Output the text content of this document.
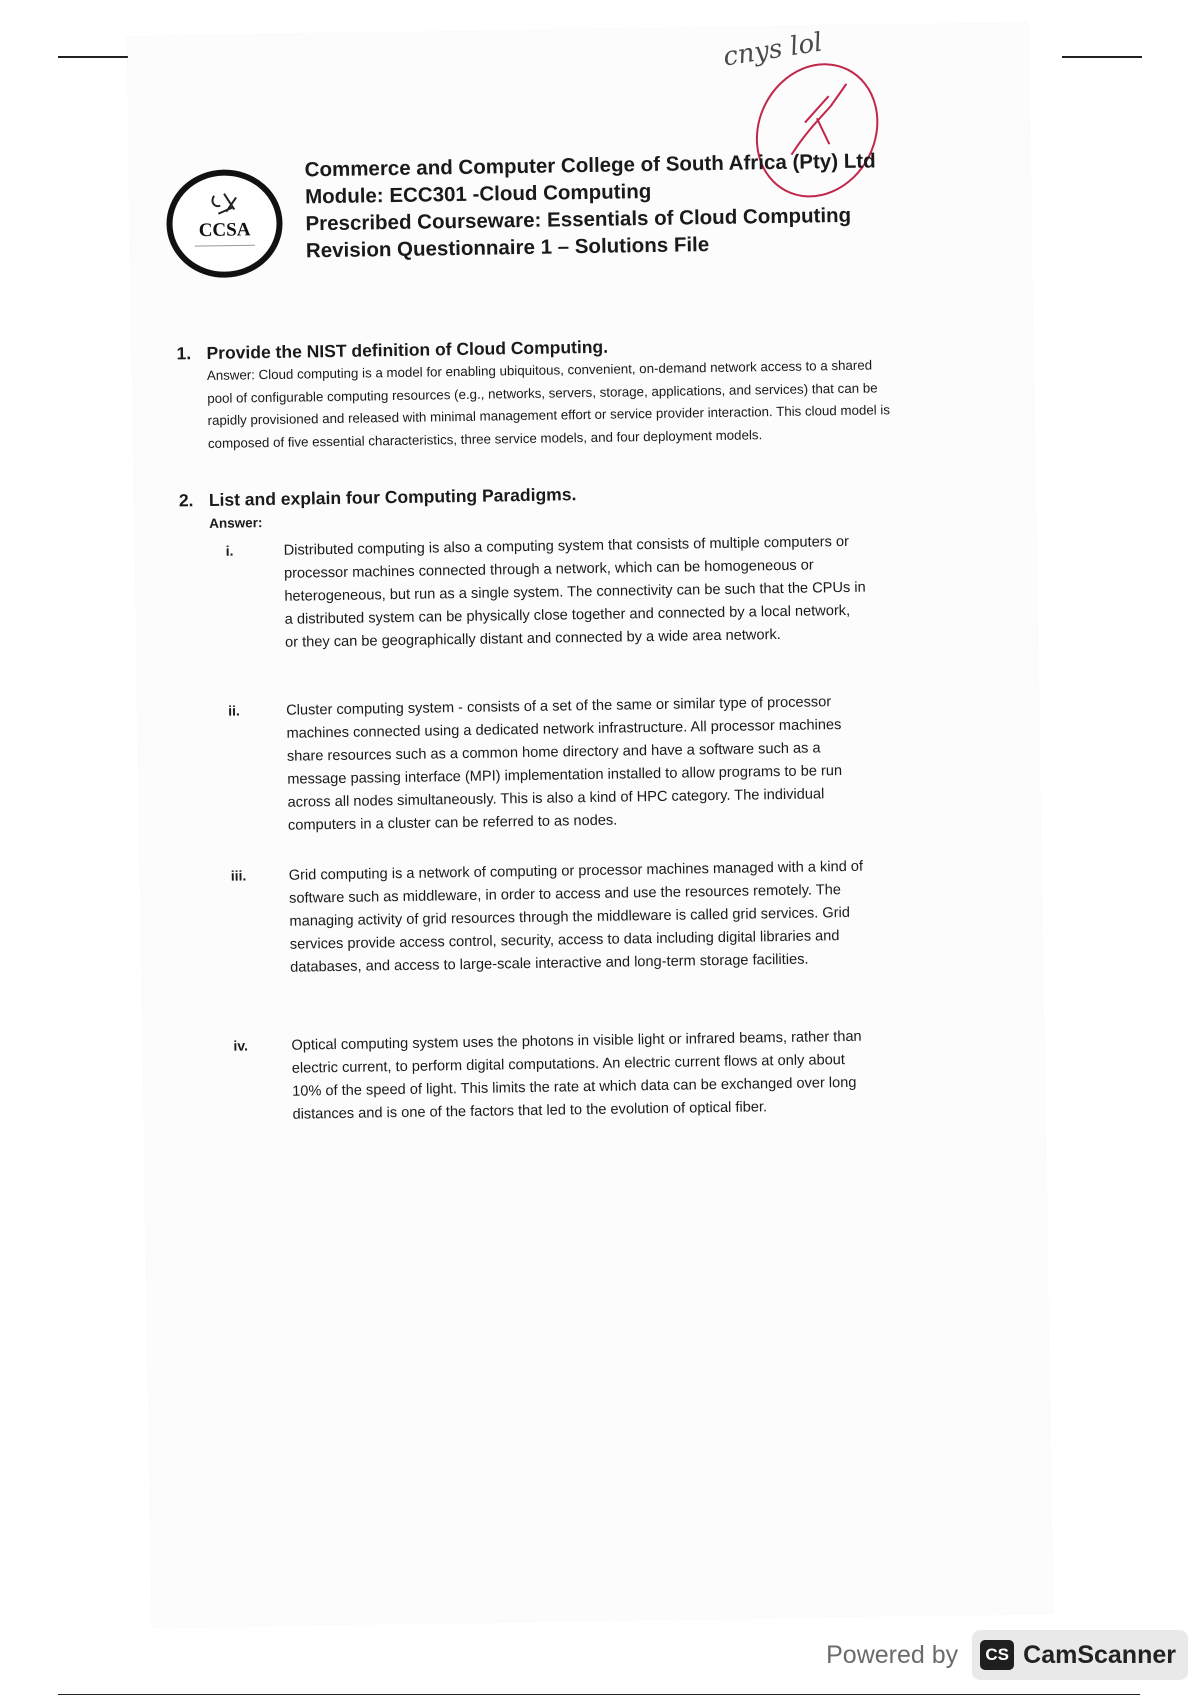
cnys lol
CCSA
Commerce and Computer College of South Africa (Pty) Ltd
Module: ECC301 -Cloud Computing
Prescribed Courseware: Essentials of Cloud Computing
Revision Questionnaire 1 – Solutions File
1. Provide the NIST definition of Cloud Computing.
Answer: Cloud computing is a model for enabling ubiquitous, convenient, on-demand network access to a shared pool of configurable computing resources (e.g., networks, servers, storage, applications, and services) that can be rapidly provisioned and released with minimal management effort or service provider interaction. This cloud model is composed of five essential characteristics, three service models, and four deployment models.
2. List and explain four Computing Paradigms.
Answer:
i.	Distributed computing is also a computing system that consists of multiple computers or processor machines connected through a network, which can be homogeneous or heterogeneous, but run as a single system. The connectivity can be such that the CPUs in a distributed system can be physically close together and connected by a local network, or they can be geographically distant and connected by a wide area network.
ii.	Cluster computing system - consists of a set of the same or similar type of processor machines connected using a dedicated network infrastructure. All processor machines share resources such as a common home directory and have a software such as a message passing interface (MPI) implementation installed to allow programs to be run across all nodes simultaneously. This is also a kind of HPC category. The individual computers in a cluster can be referred to as nodes.
iii.	Grid computing is a network of computing or processor machines managed with a kind of software such as middleware, in order to access and use the resources remotely. The managing activity of grid resources through the middleware is called grid services. Grid services provide access control, security, access to data including digital libraries and databases, and access to large-scale interactive and long-term storage facilities.
iv.	Optical computing system uses the photons in visible light or infrared beams, rather than electric current, to perform digital computations. An electric current flows at only about 10% of the speed of light. This limits the rate at which data can be exchanged over long distances and is one of the factors that led to the evolution of optical fiber.
Powered by	CS CamScanner
